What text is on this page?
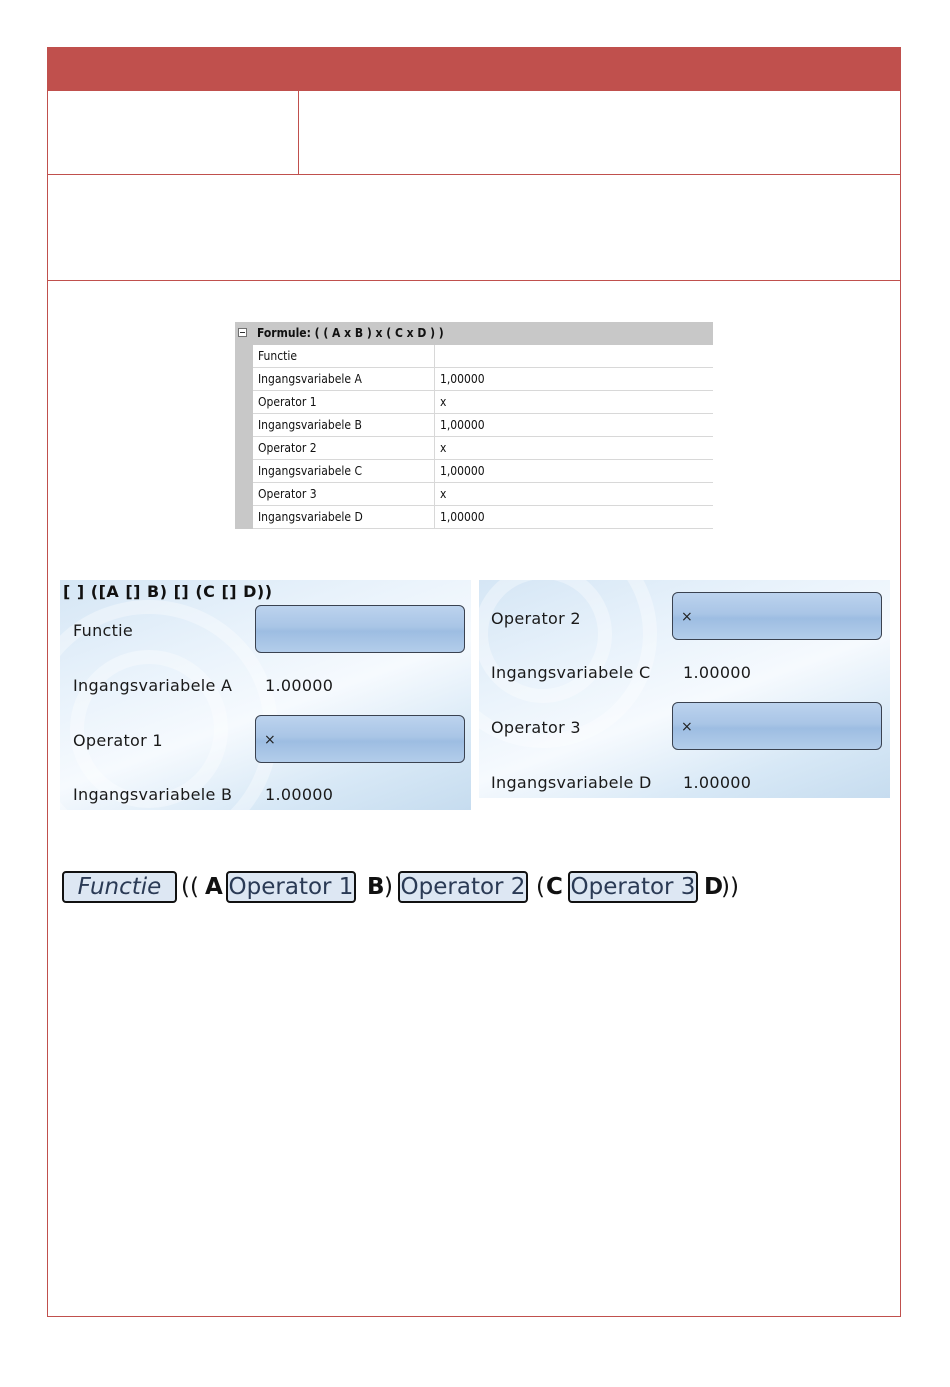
Formule: ( ( A x B ) x ( C x D ) )
Functie
Ingangsvariabele A	1,00000
Operator 1	x
Ingangsvariabele B	1,00000
Operator 2	x
Ingangsvariabele C	1,00000
Operator 3	x
Ingangsvariabele D	1,00000
[ ] ([A [] B) [] (C [] D))
Functie
Ingangsvariabele A 1.00000
Operator 1	×
Ingangsvariabele B 1.00000
Operator 2	×
Ingangsvariabele C 1.00000
Operator 3	×
Ingangsvariabele D 1.00000
Functie (( A Operator 1 B ) Operator 2 ( C Operator 3 D
))
